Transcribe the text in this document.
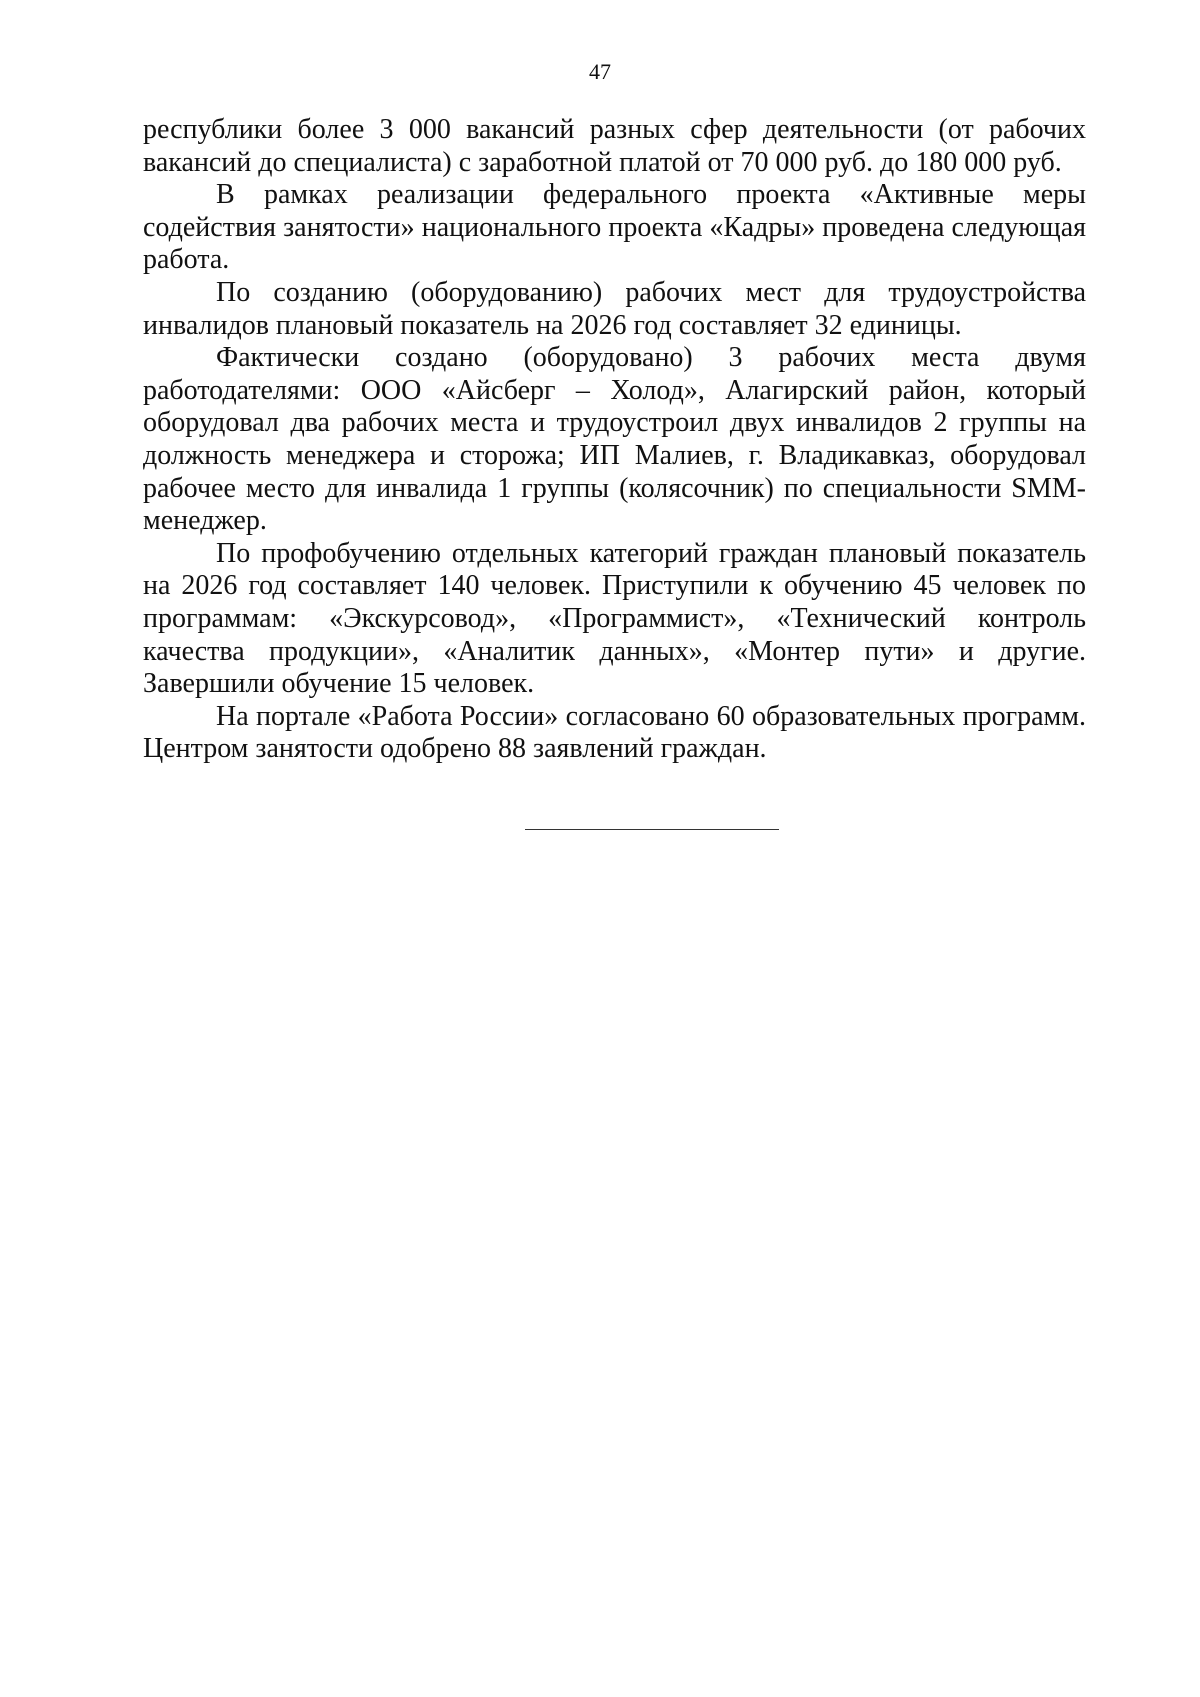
47

республики более 3 000 вакансий разных сфер деятельности (от рабочих вакансий до специалиста) с заработной платой от 70 000 руб. до 180 000 руб.

В рамках реализации федерального проекта «Активные меры содействия занятости» национального проекта «Кадры» проведена следующая работа.

По созданию (оборудованию) рабочих мест для трудоустройства инвалидов плановый показатель на 2026 год составляет 32 единицы.

Фактически создано (оборудовано) 3 рабочих места двумя работодателями: ООО «Айсберг – Холод», Алагирский район, который оборудовал два рабочих места и трудоустроил двух инвалидов 2 группы на должность менеджера и сторожа; ИП Малиев, г. Владикавказ, оборудовал рабочее место для инвалида 1 группы (колясочник) по специальности SMM-менеджер.

По профобучению отдельных категорий граждан плановый показатель на 2026 год составляет 140 человек. Приступили к обучению 45 человек по программам: «Экскурсовод», «Программист», «Технический контроль качества продукции», «Аналитик данных», «Монтер пути» и другие. Завершили обучение 15 человек.

На портале «Работа России» согласовано 60 образовательных программ. Центром занятости одобрено 88 заявлений граждан.
